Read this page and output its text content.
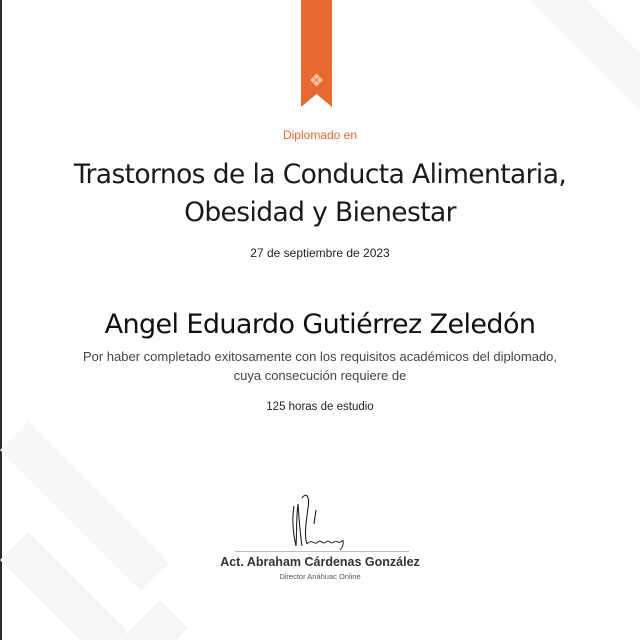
Diplomado en
Trastornos de la Conducta Alimentaria,
Obesidad y Bienestar
27 de septiembre de 2023
Angel Eduardo Gutiérrez Zeledón
Por haber completado exitosamente con los requisitos académicos del diplomado,
cuya consecución requiere de
125 horas de estudio
Act. Abraham Cárdenas González
Director Anáhuac Online
